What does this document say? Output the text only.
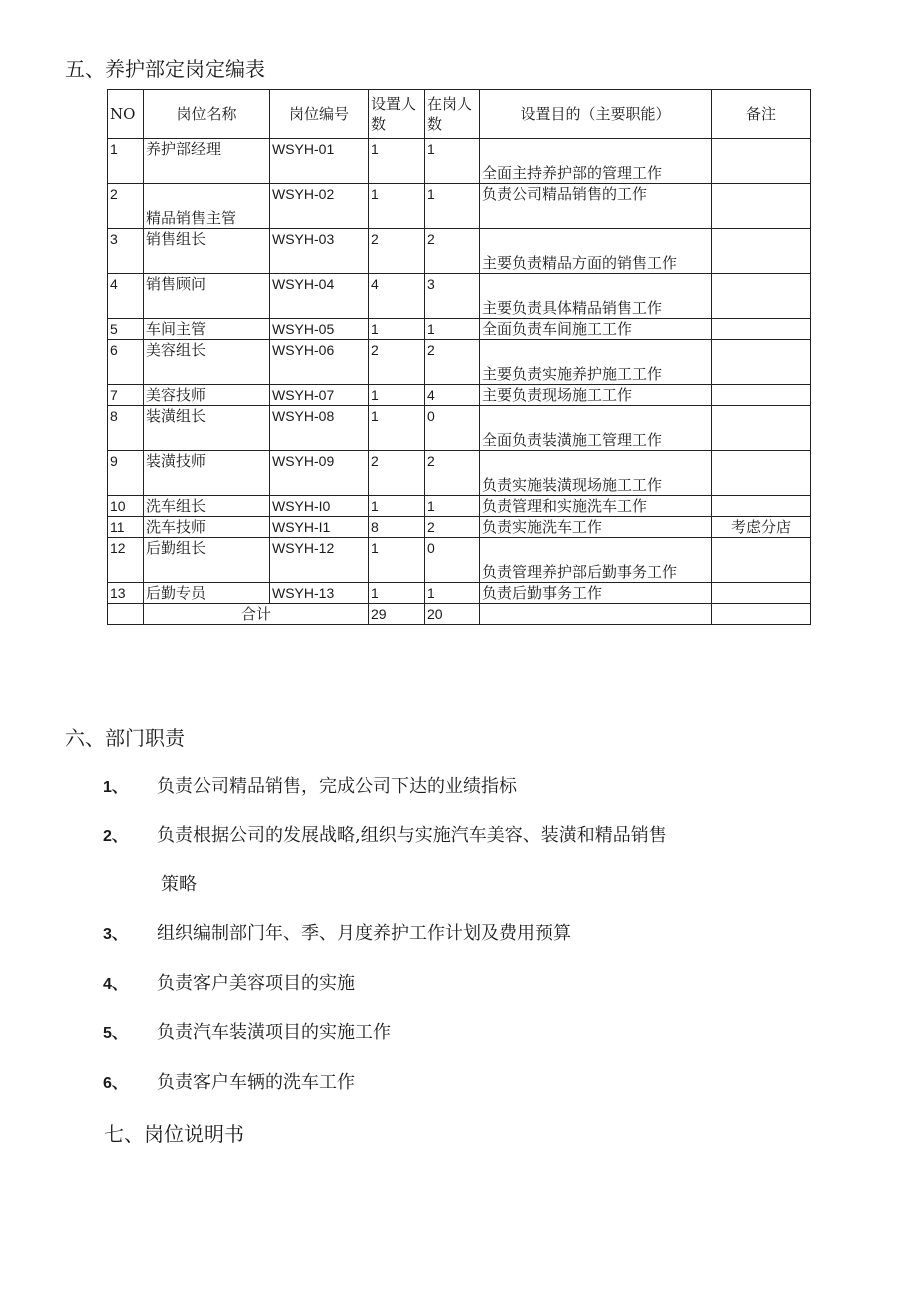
五、养护部定岗定编表
NO	岗位名称	岗位编号	设置人数	在岗人数	设置目的（主要职能）	备注
1	养护部经理	WSYH-01	1	1	全面主持养护部的管理工作	
2	精品销售主管	WSYH-02	1	1	负责公司精品销售的工作	
3	销售组长	WSYH-03	2	2	主要负责精品方面的销售工作	
4	销售顾问	WSYH-04	4	3	主要负责具体精品销售工作	
5	车间主管	WSYH-05	1	1	全面负责车间施工工作	
6	美容组长	WSYH-06	2	2	主要负责实施养护施工工作	
7	美容技师	WSYH-07	1	4	主要负责现场施工工作	
8	装潢组长	WSYH-08	1	0	全面负责装潢施工管理工作	
9	装潢技师	WSYH-09	2	2	负责实施装潢现场施工工作	
10	洗车组长	WSYH-I0	1	1	负责管理和实施洗车工作	
11	洗车技师	WSYH-I1	8	2	负责实施洗车工作	考虑分店
12	后勤组长	WSYH-12	1	0	负责管理养护部后勤事务工作	
13	后勤专员	WSYH-13	1	1	负责后勤事务工作	
	合计		29	20		
六、部门职责
1、 负责公司精品销售，完成公司下达的业绩指标
2、 负责根据公司的发展战略,组织与实施汽车美容、装潢和精品销售
策略
3、 组织编制部门年、季、月度养护工作计划及费用预算
4、 负责客户美容项目的实施
5、 负责汽车装潢项目的实施工作
6、 负责客户车辆的洗车工作
七、岗位说明书
